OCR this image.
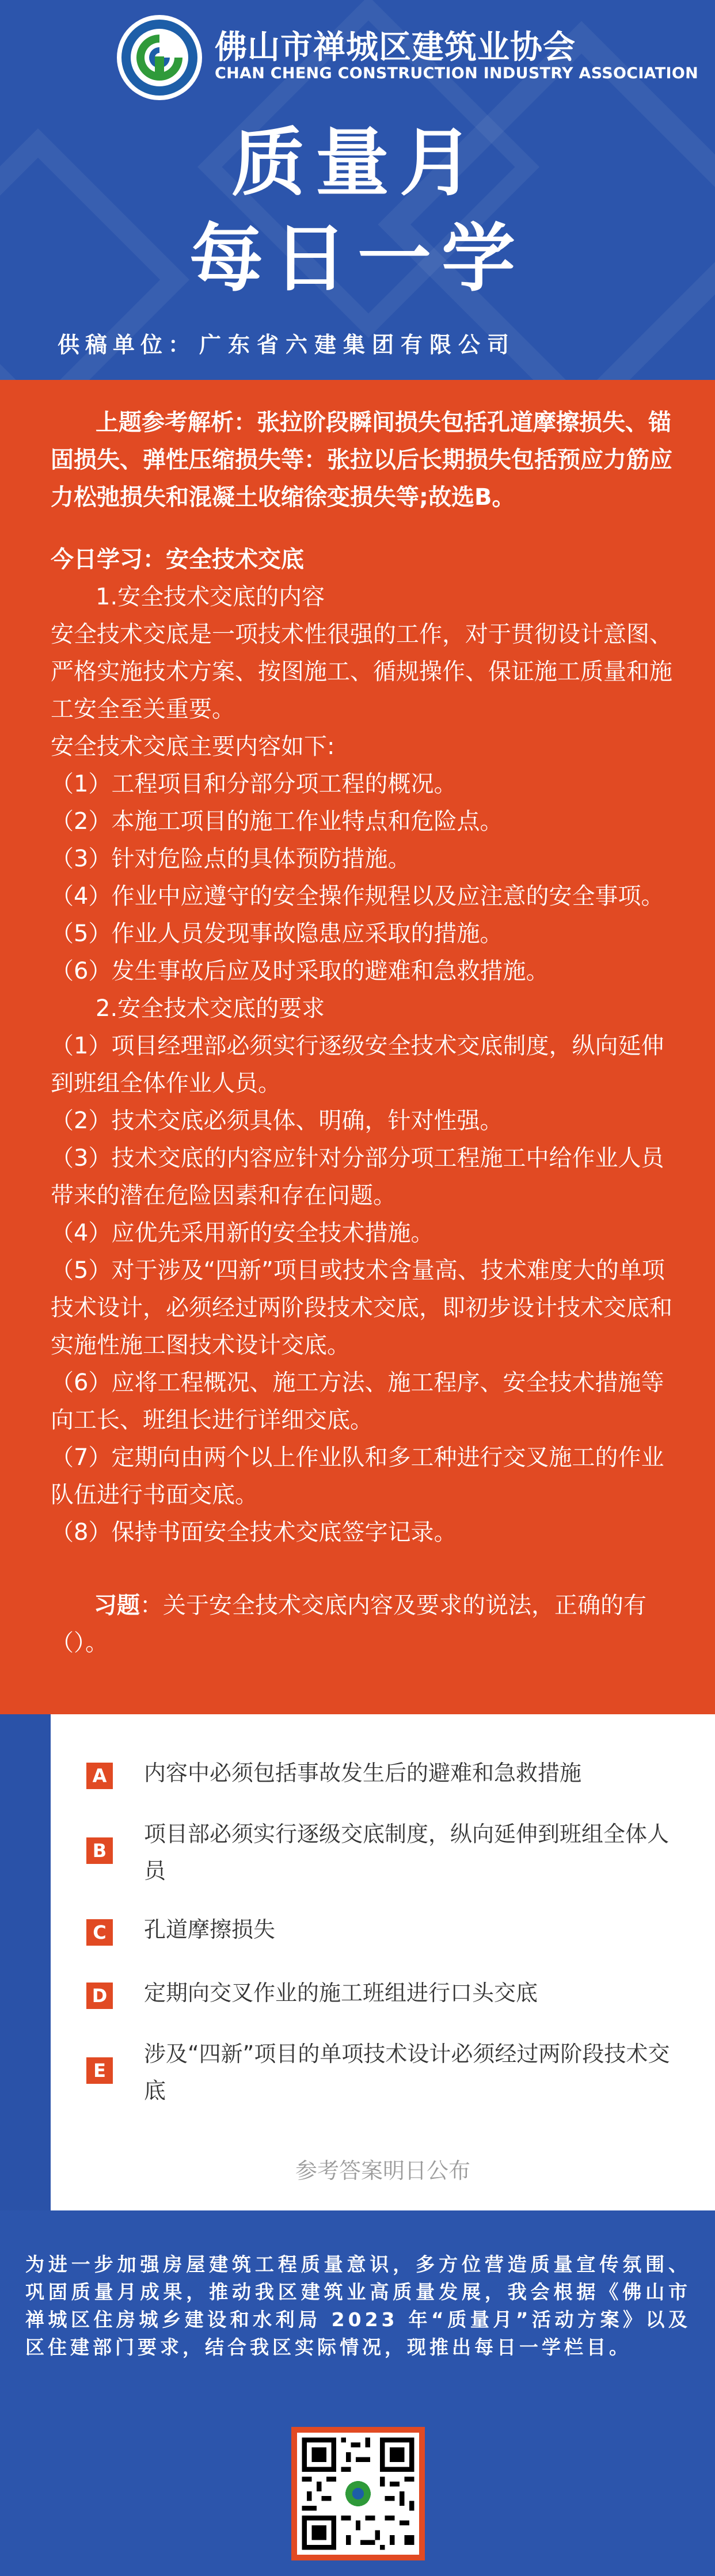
佛山市禅城区建筑业协会
CHAN CHENG CONSTRUCTION INDUSTRY ASSOCIATION
质量月
每日一学
供稿单位： 广东省六建集团有限公司

上题参考解析：张拉阶段瞬间损失包括孔道摩擦损失、锚固损失、弹性压缩损失等：张拉以后长期损失包括预应力筋应力松弛损失和混凝土收缩徐变损失等;故选B。

今日学习：安全技术交底

1.安全技术交底的内容

安全技术交底是一项技术性很强的工作，对于贯彻设计意图、严格实施技术方案、按图施工、循规操作、保证施工质量和施工安全至关重要。

安全技术交底主要内容如下:

（1）工程项目和分部分项工程的概况。

（2）本施工项目的施工作业特点和危险点。

（3）针对危险点的具体预防措施。

（4）作业中应遵守的安全操作规程以及应注意的安全事项。

（5）作业人员发现事故隐患应采取的措施。

（6）发生事故后应及时采取的避难和急救措施。

2.安全技术交底的要求

（1）项目经理部必须实行逐级安全技术交底制度，纵向延伸到班组全体作业人员。

（2）技术交底必须具体、明确，针对性强。

（3）技术交底的内容应针对分部分项工程施工中给作业人员带来的潜在危险因素和存在问题。

（4）应优先采用新的安全技术措施。

（5）对于涉及“四新”项目或技术含量高、技术难度大的单项技术设计，必须经过两阶段技术交底，即初步设计技术交底和实施性施工图技术设计交底。

（6）应将工程概况、施工方法、施工程序、安全技术措施等向工长、班组长进行详细交底。

（7）定期向由两个以上作业队和多工种进行交叉施工的作业队伍进行书面交底。

（8）保持书面安全技术交底签字记录。

习题：关于安全技术交底内容及要求的说法，正确的有（）。

A 内容中必须包括事故发生后的避难和急救措施
B
项目部必须实行逐级交底制度，纵向延伸到班组全体人员
C 孔道摩擦损失
D 定期向交叉作业的施工班组进行口头交底
E
涉及“四新”项目的单项技术设计必须经过两阶段技术交底
参考答案明日公布
为进一步加强房屋建筑工程质量意识，多方位营造质量宣传氛围、巩固质量月成果，推动我区建筑业高质量发展，我会根据《佛山市禅城区住房城乡建设和水利局 2023 年“质量月”活动方案》以及区住建部门要求，结合我区实际情况，现推出每日一学栏目。
